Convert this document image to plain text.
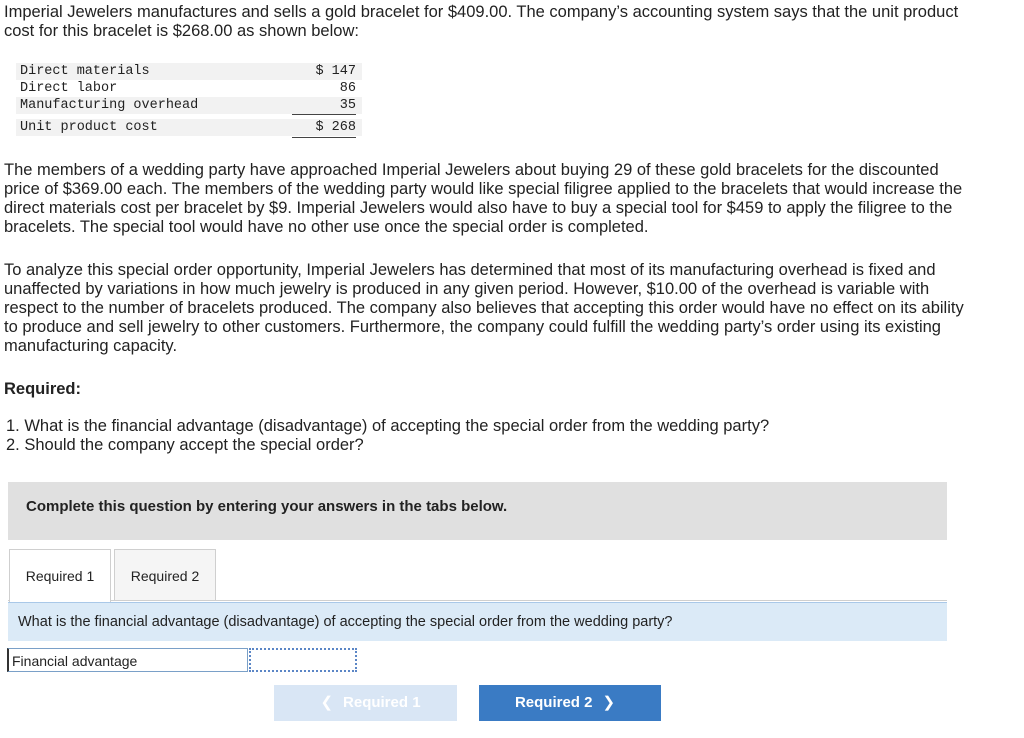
Imperial Jewelers manufactures and sells a gold bracelet for $409.00. The company’s accounting system says that the unit product

cost for this bracelet is $268.00 as shown below:

Direct materials	$ 147
Direct labor	86
Manufacturing overhead	35
Unit product cost	$ 268

The members of a wedding party have approached Imperial Jewelers about buying 29 of these gold bracelets for the discounted

price of $369.00 each. The members of the wedding party would like special filigree applied to the bracelets that would increase the

direct materials cost per bracelet by $9. Imperial Jewelers would also have to buy a special tool for $459 to apply the filigree to the

bracelets. The special tool would have no other use once the special order is completed.

To analyze this special order opportunity, Imperial Jewelers has determined that most of its manufacturing overhead is fixed and

unaffected by variations in how much jewelry is produced in any given period. However, $10.00 of the overhead is variable with

respect to the number of bracelets produced. The company also believes that accepting this order would have no effect on its ability

to produce and sell jewelry to other customers. Furthermore, the company could fulfill the wedding party’s order using its existing

manufacturing capacity.

Required:
1. What is the financial advantage (disadvantage) of accepting the special order from the wedding party?
2. Should the company accept the special order?
Complete this question by entering your answers in the tabs below.
Required 1	Required 2
What is the financial advantage (disadvantage) of accepting the special order from the wedding party?
Financial advantage
❮ Required 1	Required 2 ❯
